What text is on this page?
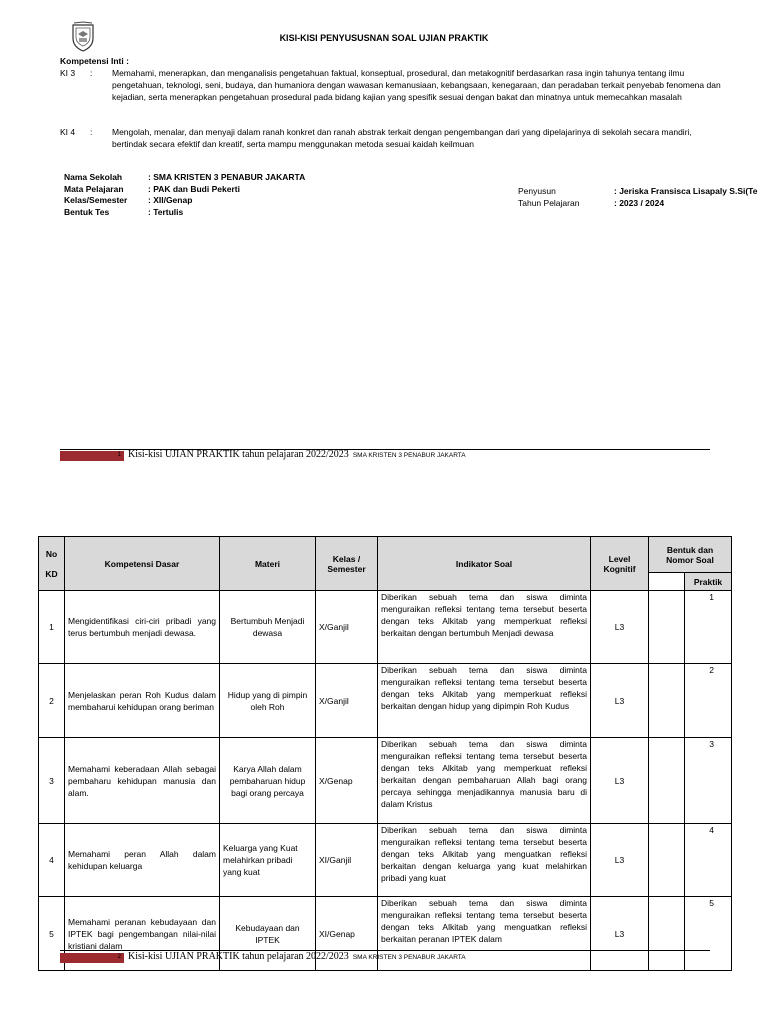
KISI-KISI PENYUSUSNAN SOAL UJIAN PRAKTIK
Kompetensi Inti :
KI 3	: Memahami, menerapkan, dan menganalisis pengetahuan faktual, konseptual, prosedural, dan metakognitif berdasarkan rasa ingin tahunya tentang ilmu pengetahuan, teknologi, seni, budaya, dan humaniora dengan wawasan kemanusiaan, kebangsaan, kenegaraan, dan peradaban terkait penyebab fenomena dan kejadian, serta menerapkan pengetahuan prosedural pada bidang kajian yang spesifik sesuai dengan bakat dan minatnya untuk memecahkan masalah
KI 4	: Mengolah, menalar, dan menyaji dalam ranah konkret dan ranah abstrak terkait dengan pengembangan dari yang dipelajarinya di sekolah secara mandiri, bertindak secara efektif dan kreatif, serta mampu menggunakan metoda sesuai kaidah keilmuan
Nama Sekolah	: SMA KRISTEN 3 PENABUR JAKARTA
Mata Pelajaran	: PAK dan Budi Pekerti
Kelas/Semester	: XII/Genap
Bentuk Tes	: Tertulis
Penyusun	: Jeriska Fransisca Lisapaly S.Si(Te
Tahun Pelajaran	: 2023 / 2024
1 Kisi-kisi UJIAN PRAKTIK tahun pelajaran 2022/2023 SMA KRISTEN 3 PENABUR JAKARTA
No

KD	Kompetensi Dasar	Materi	Kelas / Semester	Indikator Soal	Level Kognitif	Bentuk dan Nomor Soal	
							Praktik
1	Mengidentifikasi ciri-ciri pribadi yang terus bertumbuh menjadi dewasa.	Bertumbuh Menjadi dewasa	X/Ganjil	Diberikan sebuah tema dan siswa diminta menguraikan refleksi tentang tema tersebut beserta dengan teks Alkitab yang memperkuat refleksi berkaitan dengan bertumbuh Menjadi dewasa	L3		1
2	Menjelaskan peran Roh Kudus dalam membaharui kehidupan orang beriman	Hidup yang di pimpin oleh Roh	X/Ganjil	Diberikan sebuah tema dan siswa diminta menguraikan refleksi tentang tema tersebut beserta dengan teks Alkitab yang memperkuat refleksi berkaitan dengan hidup yang dipimpin Roh Kudus	L3		2
3	Memahami keberadaan Allah sebagai pembaharu kehidupan manusia dan alam.	Karya Allah dalam pembaharuan hidup bagi orang percaya	X/Genap	Diberikan sebuah tema dan siswa diminta menguraikan refleksi tentang tema tersebut beserta dengan teks Alkitab yang memperkuat refleksi berkaitan dengan pembaharuan Allah bagi orang percaya sehingga menjadikannya manusia baru di dalam Kristus	L3		3
4	Memahami peran Allah dalam kehidupan keluarga	Keluarga yang Kuat melahirkan pribadi yang kuat	XI/Ganjil	Diberikan sebuah tema dan siswa diminta menguraikan refleksi tentang tema tersebut beserta dengan teks Alkitab yang menguatkan refleksi berkaitan dengan keluarga yang kuat melahirkan pribadi yang kuat	L3		4
5	Memahami peranan kebudayaan dan IPTEK bagi pengembangan nilai-nilai kristiani dalam	Kebudayaan dan IPTEK	XI/Genap	Diberikan sebuah tema dan siswa diminta menguraikan refleksi tentang tema tersebut beserta dengan teks Alkitab yang menguatkan refleksi berkaitan peranan IPTEK dalam	L3		5
2 Kisi-kisi UJIAN PRAKTIK tahun pelajaran 2022/2023 SMA KRISTEN 3 PENABUR JAKARTA
